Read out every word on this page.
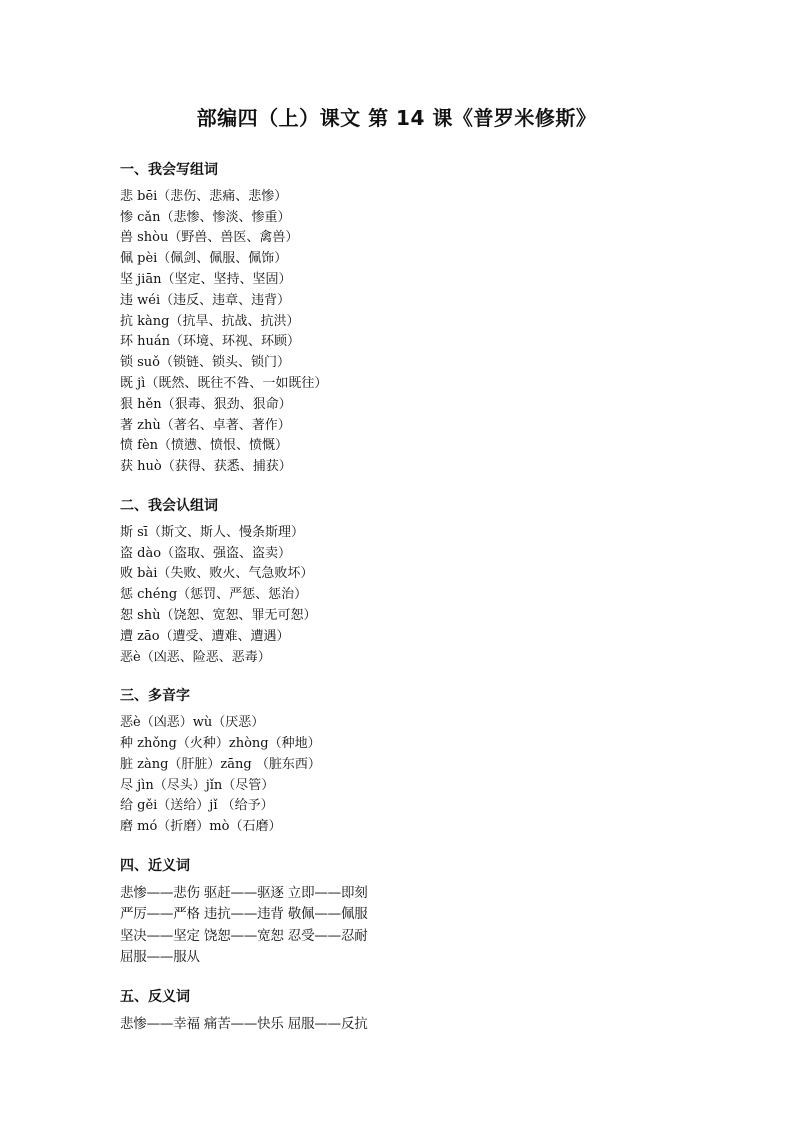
部编四（上）课文 第 14 课《普罗米修斯》
一、我会写组词
悲 bēi（悲伤、悲痛、悲惨）
惨 cǎn（悲惨、惨淡、惨重）
兽 shòu（野兽、兽医、禽兽）
佩 pèi（佩剑、佩服、佩饰）
坚 jiān（坚定、坚持、坚固）
违 wéi（违反、违章、违背）
抗 kàng（抗旱、抗战、抗洪）
环 huán（环境、环视、环顾）
锁 suǒ（锁链、锁头、锁门）
既 jì（既然、既往不咎、一如既往）
狠 hěn（狠毒、狠劲、狠命）
著 zhù（著名、卓著、著作）
愤 fèn（愤懑、愤恨、愤慨）
获 huò（获得、获悉、捕获）
二、我会认组词
斯 sī（斯文、斯人、慢条斯理）
盗 dào（盗取、强盗、盗卖）
败 bài（失败、败火、气急败坏）
惩 chéng（惩罚、严惩、惩治）
恕 shù（饶恕、宽恕、罪无可恕）
遭 zāo（遭受、遭难、遭遇）
恶è（凶恶、险恶、恶毒）
三、多音字
恶è（凶恶）wù（厌恶）
种 zhǒng（火种）zhòng（种地）
脏 zàng（肝脏）zāng （脏东西）
尽 jìn（尽头）jǐn（尽管）
给 gěi（送给）jǐ （给予）
磨 mó（折磨）mò（石磨）
四、近义词
悲惨——悲伤 驱赶——驱逐 立即——即刻
严厉——严格 违抗——违背 敬佩——佩服
坚决——坚定 饶恕——宽恕 忍受——忍耐
屈服——服从
五、反义词
悲惨——幸福 痛苦——快乐 屈服——反抗
